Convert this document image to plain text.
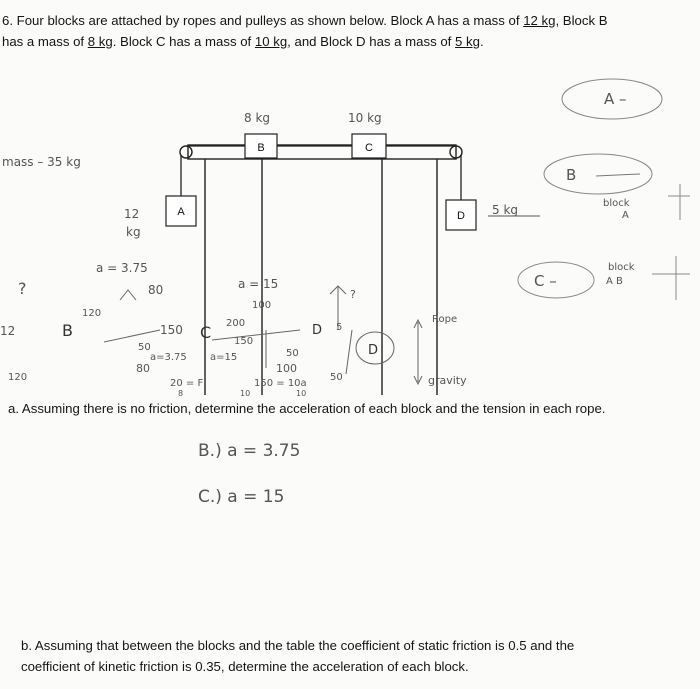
6. Four blocks are attached by ropes and pulleys as shown below. Block A has a mass of 12 kg, Block B
has a mass of 8 kg. Block C has a mass of 10 kg, and Block D has a mass of 5 kg.
B	C
A	D
8 kg	10 kg
mass – 35 kg
12
kg
5 kg
a = 3.75
a = 15
80
120
?
12	B	150 C 200
100
50
a=3.75 a=15
150
50
100
80
120
20 = F
8	10
150 = 10a
10
D 5
?
D
50
Rope
gravity
A –
B
block
A
C –
block
A B
a. Assuming there is no friction, determine the acceleration of each block and the tension in each rope.
B.) a = 3.75
C.) a = 15
b. Assuming that between the blocks and the table the coefficient of static friction is 0.5 and the
coefficient of kinetic friction is 0.35, determine the acceleration of each block.
